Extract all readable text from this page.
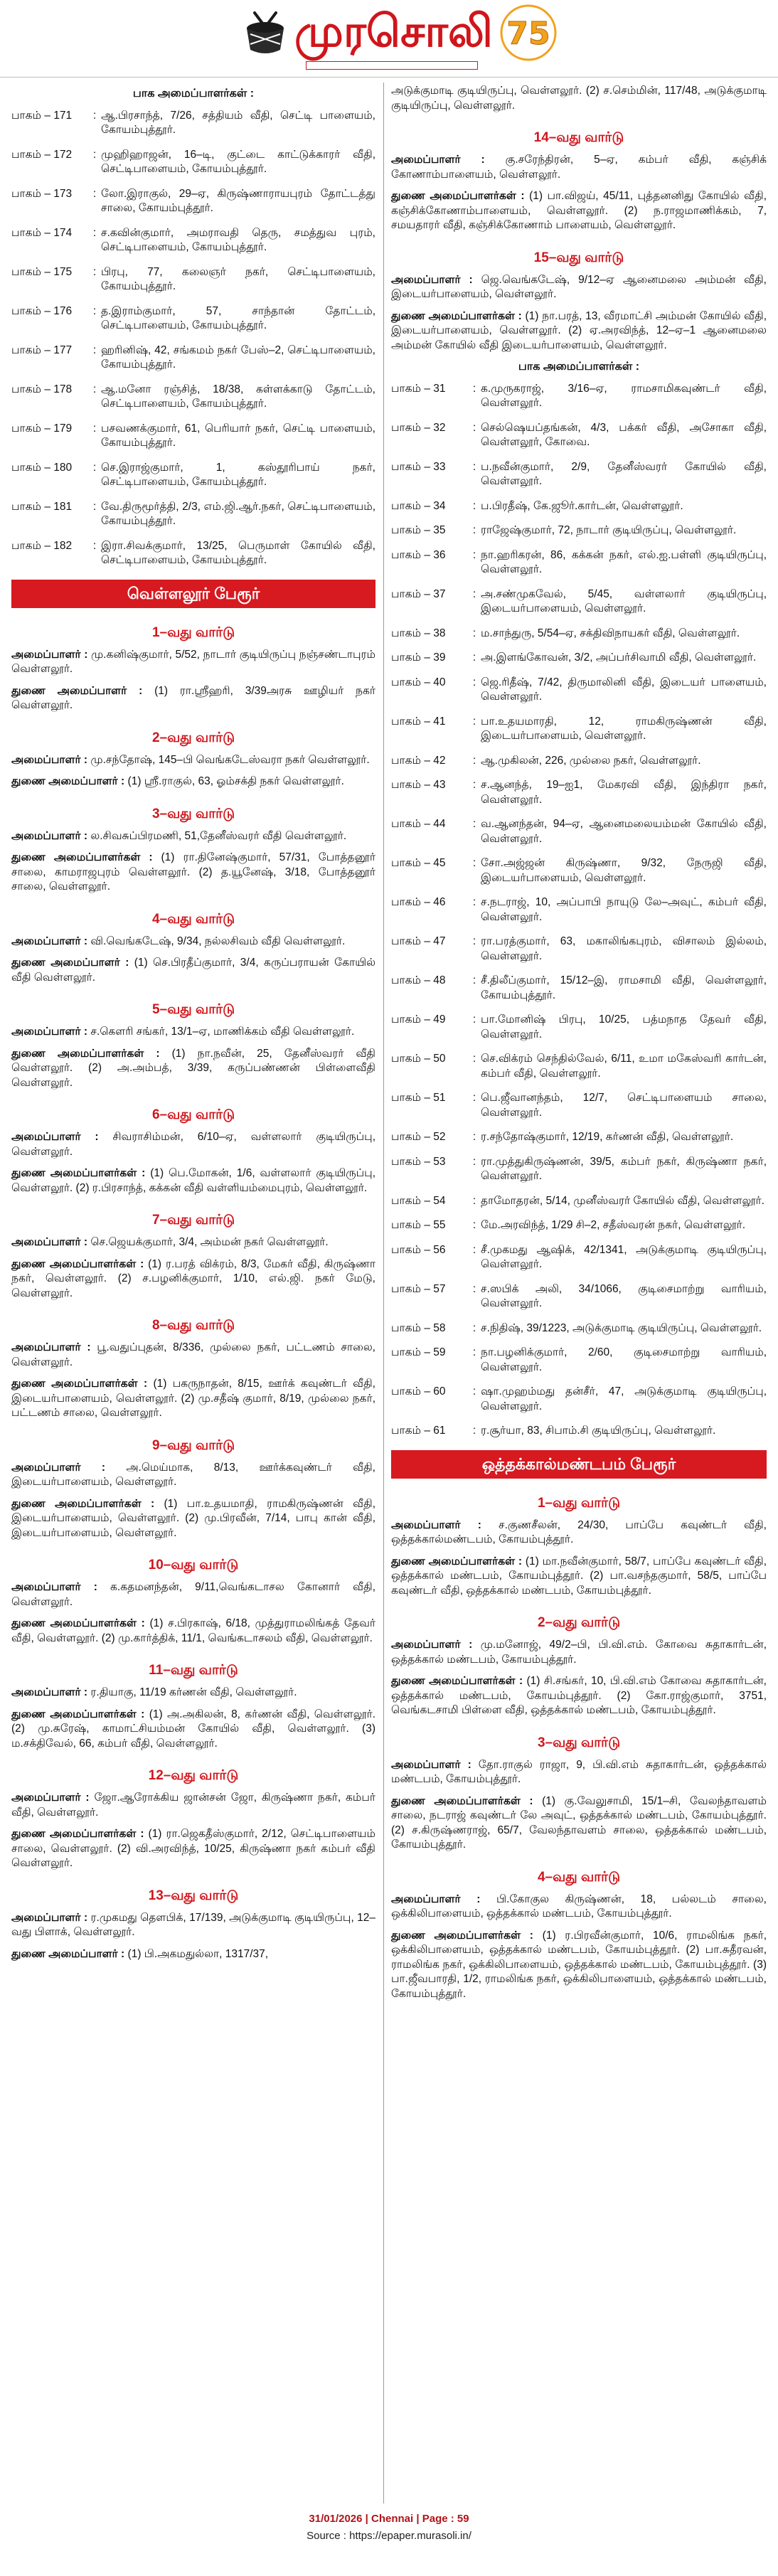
முரசொலி 75
பாக அமைப்பாளர்கள் :
பாகம் – 171	: ஆ.பிரசாந்த், 7/26, சத்தியம் வீதி, செட்டி பாளையம், கோயம்புத்தூர்.
பாகம் – 172	: முஹிஹாஜன், 16–டி, குட்டை காட்டுக்காரர் வீதி, செட்டிபாளையம், கோயம்புத்தூர்.
பாகம் – 173	: லோ.இராகுல், 29–ஏ, கிருஷ்ணாராயபுரம் தோட்டத்து சாலை, கோயம்புத்தூர்.
பாகம் – 174	: ச.கவின்குமார், அமராவதி தெரு, சமத்துவ புரம், செட்டிபாளையம், கோயம்புத்தூர்.
பாகம் – 175	: பிரபு, 77, கலைஞர் நகர், செட்டிபாளையம், கோயம்புத்தூர்.
பாகம் – 176	: த.இராம்குமார், 57, சாந்தான் தோட்டம், செட்டிபாளையம், கோயம்புத்தூர்.
பாகம் – 177	: ஹரினிஷ், 42, சங்கமம் நகர் பேஸ்–2, செட்டிபாளையம், கோயம்புத்தூர்.
பாகம் – 178	: ஆ.மனோ ரஞ்சித், 18/38, கள்ளக்காடு தோட்டம், செட்டிபாளையம், கோயம்புத்தூர்.
பாகம் – 179	: பசவணக்குமார், 61, பெரியார் நகர், செட்டி பாளையம், கோயம்புத்தூர்.
பாகம் – 180	: செ.இராஜ்குமார், 1, கஸ்தூரிபாய் நகர், செட்டிபாளையம், கோயம்புத்தூர்.
பாகம் – 181	: வே.திருமூர்த்தி, 2/3, எம்.ஜி.ஆர்.நகர், செட்டிபாளையம், கோயம்புத்தூர்.
பாகம் – 182	: இரா.சிவக்குமார், 13/25, பெருமாள் கோயில் வீதி, செட்டிபாளையம், கோயம்புத்தூர்.
வெள்ளலூர் பேரூர்
1–வது வார்டு

அமைப்பாளர் : மு.கனிஷ்குமார், 5/52, நாடார் குடியிருப்பு நஞ்சண்டாபுரம் வெள்ளலூர்.

துணை அமைப்பாளர் : (1) ரா.ஸ்ரீஹரி, 3/39அரசு ஊழியர் நகர் வெள்ளலூர்.

2–வது வார்டு

அமைப்பாளர் : மு.சந்தோஷ், 145–பி வெங்கடேஸ்வரா நகர் வெள்ளலூர்.

துணை அமைப்பாளர் : (1) ஸ்ரீ.ராகுல், 63, ஓம்சக்தி நகர் வெள்ளலூர்.

3–வது வார்டு

அமைப்பாளர் : ல.சிவசுப்பிரமணி, 51,தேனீஸ்வரர் வீதி வெள்ளலூர்.

துணை அமைப்பாளர்கள் : (1) ரா.தினேஷ்குமார், 57/31, போத்தனூர் சாலை, காமராஜபுரம் வெள்ளலூர். (2) த.யூனேஷ், 3/18, போத்தனூர் சாலை, வெள்ளலூர்.

4–வது வார்டு

அமைப்பாளர் : வி.வெங்கடேஷ், 9/34, நல்லசிவம் வீதி வெள்ளலூர்.

துணை அமைப்பாளர் : (1) செ.பிரதீப்குமார், 3/4, கருப்பராயன் கோயில் வீதி வெள்ளலூர்.

5–வது வார்டு

அமைப்பாளர் : ச.கௌரி சங்கர், 13/1–ஏ, மாணிக்கம் வீதி வெள்ளலூர்.

துணை அமைப்பாளர்கள் : (1) நா.நவீன், 25, தேனீஸ்வரர் வீதி வெள்ளலூர். (2) அ.அம்பத், 3/39, கருப்பண்ணன் பிள்ளைவீதி வெள்ளலூர்.

6–வது வார்டு

அமைப்பாளர் : சிவராசிம்மன், 6/10–ஏ, வள்ளலார் குடியிருப்பு, வெள்ளலூர்.

துணை அமைப்பாளர்கள் : (1) பெ.மோகன், 1/6, வள்ளலார் குடியிருப்பு, வெள்ளலூர். (2) ர.பிரசாந்த், கக்கன் வீதி வள்ளியம்மைபுரம், வெள்ளலூர்.

7–வது வார்டு

அமைப்பாளர் : செ.ஜெயக்குமார், 3/4, அம்மன் நகர் வெள்ளலூர்.

துணை அமைப்பாளர்கள் : (1) ர.பரத் விக்ரம், 8/3, மேகர் வீதி, கிருஷ்ணா நகர், வெள்ளலூர். (2) ச.பழனிக்குமார், 1/10, எல்.ஜி. நகர் மேடு, வெள்ளலூர்.

8–வது வார்டு

அமைப்பாளர் : பூ.வதுப்புதன், 8/336, முல்லை நகர், பட்டணம் சாலை, வெள்ளலூர்.

துணை அமைப்பாளர்கள் : (1) பகருநாதன், 8/15, ஊர்க் கவுண்டர் வீதி, இடையர்பாளையம், வெள்ளலூர். (2) மு.சதீஷ் குமார், 8/19, முல்லை நகர், பட்டணம் சாலை, வெள்ளலூர்.

9–வது வார்டு

அமைப்பாளர் : அ.மெய்மாக, 8/13, ஊர்க்கவுண்டர் வீதி, இடையர்பாளையம், வெள்ளலூர்.

துணை அமைப்பாளர்கள் : (1) பா.உதயமாதி, ராமகிருஷ்ணன் வீதி, இடையர்பாளையம், வெள்ளலூர். (2) மு.பிரவீன், 7/14, பாபு கான் வீதி, இடையர்பாளையம், வெள்ளலூர்.

10–வது வார்டு

அமைப்பாளர் : க.கதமனந்தன், 9/11,வெங்கடாசல கோனார் வீதி, வெள்ளலூர்.

துணை அமைப்பாளர்கள் : (1) ச.பிரகாஷ், 6/18, முத்துராமலிங்கத் தேவர் வீதி, வெள்ளலூர். (2) மு.கார்த்திக், 11/1, வெங்கடாசலம் வீதி, வெள்ளலூர்.

11–வது வார்டு

அமைப்பாளர் : ர.தியாகு, 11/19 கர்ணன் வீதி, வெள்ளலூர்.

துணை அமைப்பாளர்கள் : (1) அ.அகிலன், 8, கர்ணன் வீதி, வெள்ளலூர். (2) மு.சுரேஷ், காமாட்சியம்மன் கோயில் வீதி, வெள்ளலூர். (3) ம.சக்திவேல், 66, கம்பர் வீதி, வெள்ளலூர்.

12–வது வார்டு

அமைப்பாளர் : ஜோ.ஆரோக்கிய ஜான்சன் ஜோ, கிருஷ்ணா நகர், கம்பர் வீதி, வெள்ளலூர்.

துணை அமைப்பாளர்கள் : (1) ரா.ஜெகதீஸ்குமார், 2/12, செட்டிபாளையம் சாலை, வெள்ளலூர். (2) வி.அரவிந்த், 10/25, கிருஷ்ணா நகர் கம்பர் வீதி வெள்ளலூர்.

13–வது வார்டு

அமைப்பாளர் : ர.முகமது தௌபிக், 17/139, அடுக்குமாடி குடியிருப்பு, 12–வது பிளாக், வெள்ளலூர்.

துணை அமைப்பாளர் : (1) பி.அகமதுல்லா, 1317/37,

அடுக்குமாடி குடியிருப்பு, வெள்ளலூர். (2) ச.செம்மின், 117/48, அடுக்குமாடி குடியிருப்பு, வெள்ளலூர்.

14–வது வார்டு

அமைப்பாளர் : கு.சரேந்திரன், 5–ஏ, கம்பர் வீதி, கஞ்சிக் கோணாம்பாளையம், வெள்ளலூர்.

துணை அமைப்பாளர்கள் : (1) பா.விஜய், 45/11, புத்தனனிது கோயில் வீதி, கஞ்சிக்கோணாம்பாளையம், வெள்ளலூர். (2) ந.ராஜமாணிக்கம், 7, சமயதாரர் வீதி, கஞ்சிக்கோணாம் பாளையம், வெள்ளலூர்.

15–வது வார்டு

அமைப்பாளர் : ஜெ.வெங்கடேஷ், 9/12–ஏ ஆனைமலை அம்மன் வீதி, இடையர்பாளையம், வெள்ளலூர்.

துணை அமைப்பாளர்கள் : (1) நா.பரத், 13, வீரமாட்சி அம்மன் கோயில் வீதி, இடையர்பாளையம், வெள்ளலூர். (2) ஏ.அரவிந்த், 12–ஏ–1 ஆனைமலை அம்மன் கோயில் வீதி இடையர்பாளையம், வெள்ளலூர்.

பாக அமைப்பாளர்கள் :
பாகம் – 31	: க.முருகராஜ், 3/16–ஏ, ராமசாமிகவுண்டர் வீதி, வெள்ளலூர்.
பாகம் – 32	: செல்ஷெயப்தங்கன், 4/3, பக்கர் வீதி, அசோகா வீதி, வெள்ளலூர், கோவை.
பாகம் – 33	: ப.நவீன்குமார், 2/9, தேனீஸ்வரர் கோயில் வீதி, வெள்ளலூர்.
பாகம் – 34	: ப.பிரதீஷ், கே.ஜூர்.கார்டன், வெள்ளலூர்.
பாகம் – 35	: ராஜேஷ்குமார், 72, நாடார் குடியிருப்பு, வெள்ளலூர்.
பாகம் – 36	: நா.ஹரிகரன், 86, கக்கன் நகர், எல்.ஐ.பள்ளி குடியிருப்பு, வெள்ளலூர்.
பாகம் – 37	: அ.சண்முகவேல், 5/45, வள்ளலார் குடியிருப்பு, இடையர்பாளையம், வெள்ளலூர்.
பாகம் – 38	: ம.சாந்துரு, 5/54–ஏ, சக்திவிநாயகர் வீதி, வெள்ளலூர்.
பாகம் – 39	: அ.இளங்கோவன், 3/2, அப்பர்சிவாமி வீதி, வெள்ளலூர்.
பாகம் – 40	: ஜெ.ரிதீஷ், 7/42, திருமாலினி வீதி, இடையர் பாளையம், வெள்ளலூர்.
பாகம் – 41	: பா.உதயமாரதி, 12, ராமகிருஷ்ணன் வீதி, இடையர்பாளையம், வெள்ளலூர்.
பாகம் – 42	: ஆ.முகிலன், 226, முல்லை நகர், வெள்ளலூர்.
பாகம் – 43	: ச.ஆனந்த், 19–ஐ1, மேகரவி வீதி, இந்திரா நகர், வெள்ளலூர்.
பாகம் – 44	: வ.ஆனந்தன், 94–ஏ, ஆனைமலையம்மன் கோயில் வீதி, வெள்ளலூர்.
பாகம் – 45	: சோ.அஜ்ஜன் கிருஷ்ணா, 9/32, நேருஜி வீதி, இடையர்பாளையம், வெள்ளலூர்.
பாகம் – 46	: ச.நடராஜ், 10, அப்பாபி நாயுடு லே–அவுட், கம்பர் வீதி, வெள்ளலூர்.
பாகம் – 47	: ரா.பரத்குமார், 63, மகாலிங்கபுரம், விசாலம் இல்லம், வெள்ளலூர்.
பாகம் – 48	: சீ.திலீப்குமார், 15/12–இ, ராமசாமி வீதி, வெள்ளலூர், கோயம்புத்தூர்.
பாகம் – 49	: பா.மோனிஷ் பிரபு, 10/25, பத்மநாத தேவர் வீதி, வெள்ளலூர்.
பாகம் – 50	: செ.விக்ரம் செந்தில்வேல், 6/11, உமா மகேஸ்வரி கார்டன், கம்பர் வீதி, வெள்ளலூர்.
பாகம் – 51	: பெ.ஜீவானந்தம், 12/7, செட்டிபாளையம் சாலை, வெள்ளலூர்.
பாகம் – 52	: ர.சந்தோஷ்குமார், 12/19, கர்ணன் வீதி, வெள்ளலூர்.
பாகம் – 53	: ரா.முத்துகிருஷ்ணன், 39/5, கம்பர் நகர், கிருஷ்ணா நகர், வெள்ளலூர்.
பாகம் – 54	: தாமோதரன், 5/14, முனீஸ்வரர் கோயில் வீதி, வெள்ளலூர்.
பாகம் – 55	: மே.அரவிந்த், 1/29 சி–2, சதீஸ்வரன் நகர், வெள்ளலூர்.
பாகம் – 56	: சீ.முகமது ஆஷிக், 42/1341, அடுக்குமாடி குடியிருப்பு, வெள்ளலூர்.
பாகம் – 57	: ச.ஸபிக் அலி, 34/1066, குடிசைமாற்று வாரியம், வெள்ளலூர்.
பாகம் – 58	: ச.நிதிஷ், 39/1223, அடுக்குமாடி குடியிருப்பு, வெள்ளலூர்.
பாகம் – 59	: நா.பழனிக்குமார், 2/60, குடிசைமாற்று வாரியம், வெள்ளலூர்.
பாகம் – 60	: ஷா.முஹம்மது தன்சீர், 47, அடுக்குமாடி குடியிருப்பு, வெள்ளலூர்.
பாகம் – 61	: ர.சூர்யா, 83, சிபாம்.சி குடியிருப்பு, வெள்ளலூர்.
ஒத்தக்கால்மண்டபம் பேரூர்
1–வது வார்டு

அமைப்பாளர் : ச.குணசீலன், 24/30, பாப்பே கவுண்டர் வீதி, ஒத்தக்கால்மண்டபம், கோயம்புத்தூர்.

துணை அமைப்பாளர்கள் : (1) மா.நவீன்குமார், 58/7, பாப்பே கவுண்டர் வீதி, ஒத்தக்கால் மண்டபம், கோயம்புத்தூர். (2) பா.வசந்தகுமார், 58/5, பாப்பே கவுண்டர் வீதி, ஒத்தக்கால் மண்டபம், கோயம்புத்தூர்.

2–வது வார்டு

அமைப்பாளர் : மு.மனோஜ், 49/2–பி, பி.வி.எம். கோவை சுதாகார்டன், ஒத்தக்கால் மண்டபம், கோயம்புத்தூர்.

துணை அமைப்பாளர்கள் : (1) சி.சங்கர், 10, பி.வி.எம் கோவை சுதாகார்டன், ஒத்தக்கால் மண்டபம், கோயம்புத்தூர். (2) கோ.ராஜ்குமார், 3751, வெங்கடசாமி பிள்ளை வீதி, ஒத்தக்கால் மண்டபம், கோயம்புத்தூர்.

3–வது வார்டு

அமைப்பாளர் : தோ.ராகுல் ராஜா, 9, பி.வி.எம் சுதாகார்டன், ஒத்தக்கால் மண்டபம், கோயம்புத்தூர்.

துணை அமைப்பாளர்கள் : (1) கு.வேலுசாமி, 15/1–சி, வேலந்தாவளம் சாலை, நடராஜ் கவுண்டர் லே அவுட், ஒத்தக்கால் மண்டபம், கோயம்புத்தூர். (2) ச.கிருஷ்ணராஜ், 65/7, வேலந்தாவளம் சாலை, ஒத்தக்கால் மண்டபம், கோயம்புத்தூர்.

4–வது வார்டு

அமைப்பாளர் : பி.கோகுல கிருஷ்ணன், 18, பல்லடம் சாலை, ஒக்கிலிபாளையம், ஒத்தக்கால் மண்டபம், கோயம்புத்தூர்.

துணை அமைப்பாளர்கள் : (1) ர.பிரவீன்குமார், 10/6, ராமலிங்க நகர், ஒக்கிலிபாளையம், ஒத்தக்கால் மண்டபம், கோயம்புத்தூர். (2) பா.சுதீரவன், ராமலிங்க நகர், ஒக்கிலிபாளையம், ஒத்தக்கால் மண்டபம், கோயம்புத்தூர். (3) பா.ஜீவபாரதி, 1/2, ராமலிங்க நகர், ஒக்கிலிபாளையம், ஒத்தக்கால் மண்டபம், கோயம்புத்தூர்.

31/01/2026 | Chennai | Page : 59
Source : https://epaper.murasoli.in/
